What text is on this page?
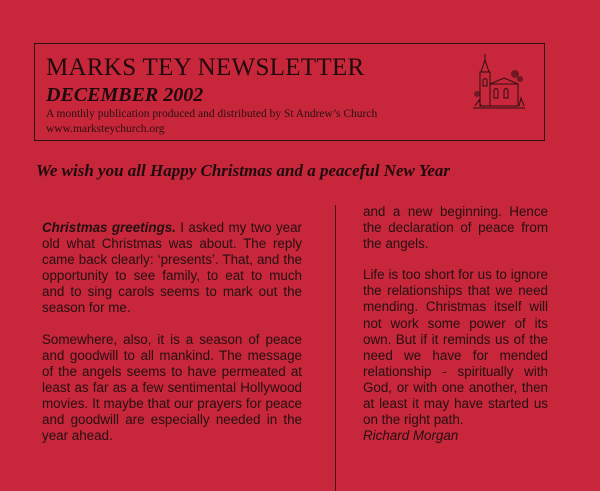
MARKS TEY NEWSLETTER
DECEMBER 2002
A monthly publication produced and distributed by St Andrew’s Church
www.marksteychurch.org
We wish you all Happy Christmas and a peaceful New Year

Christmas greetings. I asked my two year old what Christmas was about. The reply came back clearly: ‘presents’. That, and the opportunity to see family, to eat to much and to sing carols seems to mark out the season for me.

Somewhere, also, it is a season of peace and goodwill to all mankind. The message of the angels seems to have permeated at least as far as a few sentimental Hollywood movies. It maybe that our prayers for peace and goodwill are especially needed in the year ahead.

and a new beginning. Hence the declaration of peace from the angels.

Life is too short for us to ignore the relationships that we need mending. Christmas itself will not work some power of its own. But if it reminds us of the need we have for mended relationship - spiritually with God, or with one another, then at least it may have started us on the right path.
Richard Morgan
